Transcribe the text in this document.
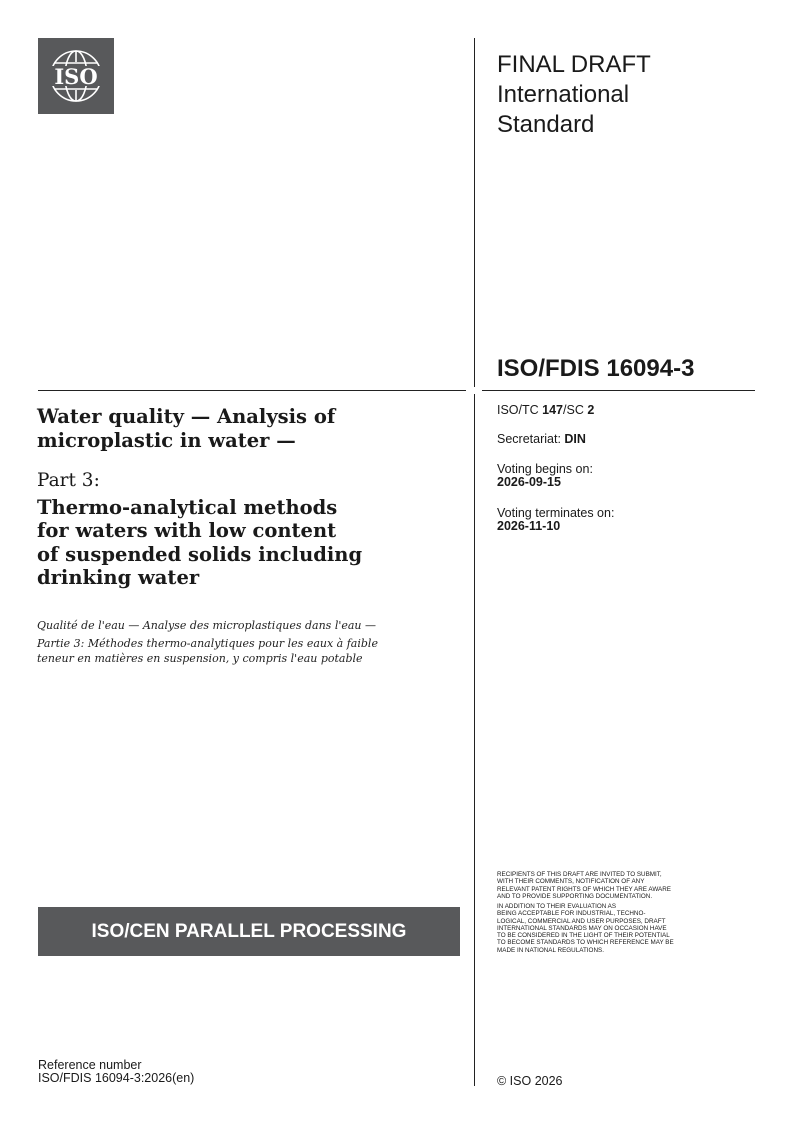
ISO	FINAL DRAFT
International
Standard
ISO/FDIS 16094-3
ISO/TC 147/SC 2
Secretariat: DIN
Voting begins on:
2026-09-15
Voting terminates on:
2026-11-10
Water quality — Analysis of
microplastic in water —
Part 3:
Thermo-analytical methods
for waters with low content
of suspended solids including
drinking water
Qualité de l'eau — Analyse des microplastiques dans l'eau —
Partie 3: Méthodes thermo-analytiques pour les eaux à faible
teneur en matières en suspension, y compris l'eau potable
ISO/CEN PARALLEL PROCESSING
RECIPIENTS OF THIS DRAFT ARE INVITED TO SUBMIT,
WITH THEIR COMMENTS, NOTIFICATION OF ANY
RELEVANT PATENT RIGHTS OF WHICH THEY ARE AWARE
AND TO PROVIDE SUPPORTING DOCUMENTATION.
IN ADDITION TO THEIR EVALUATION AS
BEING ACCEPTABLE FOR INDUSTRIAL, TECHNO-
LOGICAL, COMMERCIAL AND USER PURPOSES, DRAFT
INTERNATIONAL STANDARDS MAY ON OCCASION HAVE
TO BE CONSIDERED IN THE LIGHT OF THEIR POTENTIAL
TO BECOME STANDARDS TO WHICH REFERENCE MAY BE
MADE IN NATIONAL REGULATIONS.
Reference number
ISO/FDIS 16094-3:2026(en)	© ISO 2026
